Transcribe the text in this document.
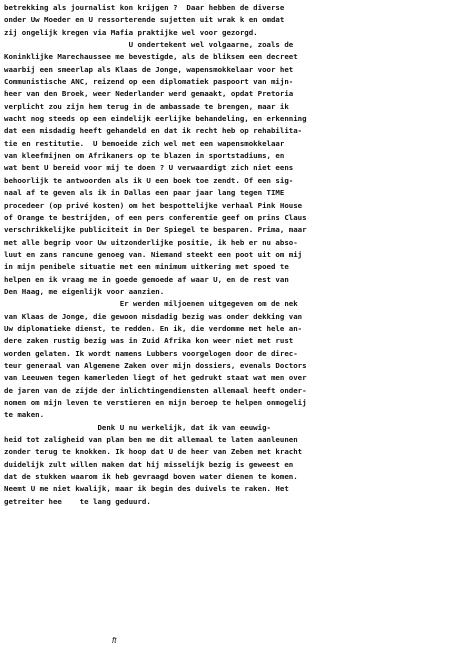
betrekking als journalist kon krijgen ?  Daar hebben de diverse
onder Uw Moeder en U ressorterende sujetten uit wrak k en omdat
zij ongelijk kregen via Mafia praktijke wel voor gezorgd.
U ondertekent wel volgaarne, zoals de
Koninklijke Marechaussee me bevestigde, als de bliksem een decreet
waarbij een smeerlap als Klaas de Jonge, wapensmokkelaar voor het
Communistische ANC, reizend op een diplomatiek paspoort van mijn-
heer van den Broek, weer Nederlander werd gemaakt, opdat Pretoria
verplicht zou zijn hem terug in de ambassade te brengen, maar ik
wacht nog steeds op een eindelijk eerlijke behandeling, en erkenning
dat een misdadig heeft gehandeld en dat ik recht heb op rehabilita-
tie en restitutie.  U bemoeide zich wel met een wapensmokkelaar
van kleefmijnen om Afrikaners op te blazen in sportstadiums, en
wat bent U bereid voor mij te doen ? U verwaardigt zich niet eens
behoorlijk te antwoorden als ik U een boek toe zendt. Of een sig-
naal af te geven als ik in Dallas een paar jaar lang tegen TIME
procedeer (op privé kosten) om het bespottelijke verhaal Pink House
of Orange te bestrijden, of een pers conferentie geef om prins Claus
verschrikkelijke publiciteit in Der Spiegel te besparen. Prima, maar
met alle begrip voor Uw uitzonderlijke positie, ik heb er nu abso-
luut en zans rancune genoeg van. Niemand steekt een poot uit om mij
in mijn penibele situatie met een minimum uitkering met spoed te
helpen en ik vraag me in goede gemoede af waar U, en de rest van
Den Haag, me eigenlijk voor aanzien.
Er werden miljoenen uitgegeven om de nek
van Klaas de Jonge, die gewoon misdadig bezig was onder dekking van
Uw diplomatieke dienst, te redden. En ik, die verdomme met hele an-
dere zaken rustig bezig was in Zuid Afrika kon weer niet met rust
worden gelaten. Ik wordt namens Lubbers voorgelogen door de direc-
teur generaal van Algemene Zaken over mijn dossiers, evenals Doctors
van Leeuwen tegen kamerleden liegt of het gedrukt staat wat men over
de jaren van de zijde der inlichtingendiensten allemaal heeft onder-
nomen om mijn leven te verstieren en mijn beroep te helpen onmogelij
te maken.
Denk U nu werkelijk, dat ik van eeuwig-
heid tot zaligheid van plan ben me dit allemaal te laten aanleunen
zonder terug te knokken. Ik hoop dat U de heer van Zeben met kracht
duidelijk zult willen maken dat hij misselijk bezig is geweest en
dat de stukken waarom ik heb gevraagd boven water dienen te komen.
Neemt U me niet kwalijk, maar ik begin des duivels te raken. Het
getreiter hee    te lang geduurd.
ft
